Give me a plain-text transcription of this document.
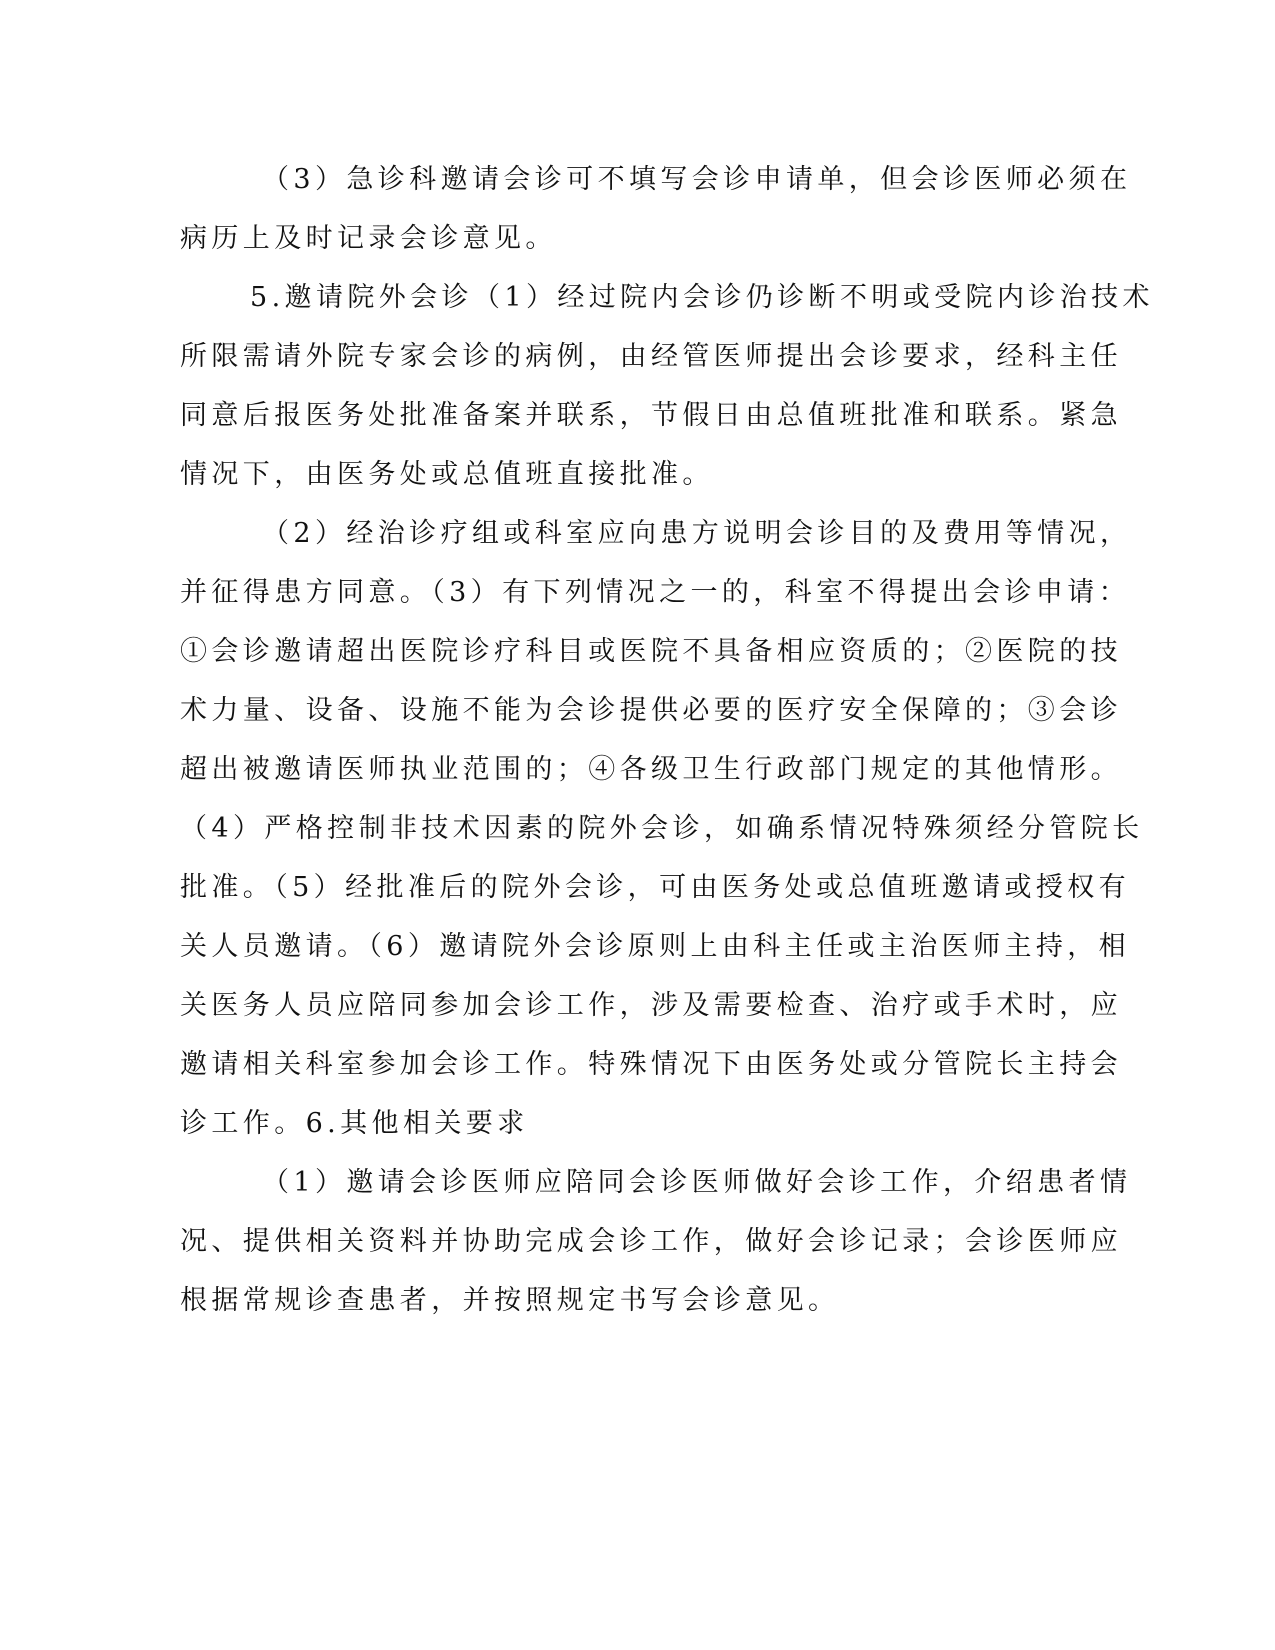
（3）急诊科邀请会诊可不填写会诊申请单，但会诊医师必须在
病历上及时记录会诊意见。
5.邀请院外会诊（1）经过院内会诊仍诊断不明或受院内诊治技术
所限需请外院专家会诊的病例，由经管医师提出会诊要求，经科主任
同意后报医务处批准备案并联系，节假日由总值班批准和联系。紧急
情况下，由医务处或总值班直接批准。
（2）经治诊疗组或科室应向患方说明会诊目的及费用等情况，
并征得患方同意。（3）有下列情况之一的，科室不得提出会诊申请：
①会诊邀请超出医院诊疗科目或医院不具备相应资质的；②医院的技
术力量、设备、设施不能为会诊提供必要的医疗安全保障的；③会诊
超出被邀请医师执业范围的；④各级卫生行政部门规定的其他情形。
（4）严格控制非技术因素的院外会诊，如确系情况特殊须经分管院长
批准。（5）经批准后的院外会诊，可由医务处或总值班邀请或授权有
关人员邀请。（6）邀请院外会诊原则上由科主任或主治医师主持，相
关医务人员应陪同参加会诊工作，涉及需要检查、治疗或手术时，应
邀请相关科室参加会诊工作。特殊情况下由医务处或分管院长主持会
诊工作。6.其他相关要求
（1）邀请会诊医师应陪同会诊医师做好会诊工作，介绍患者情
况、提供相关资料并协助完成会诊工作，做好会诊记录；会诊医师应
根据常规诊查患者，并按照规定书写会诊意见。
